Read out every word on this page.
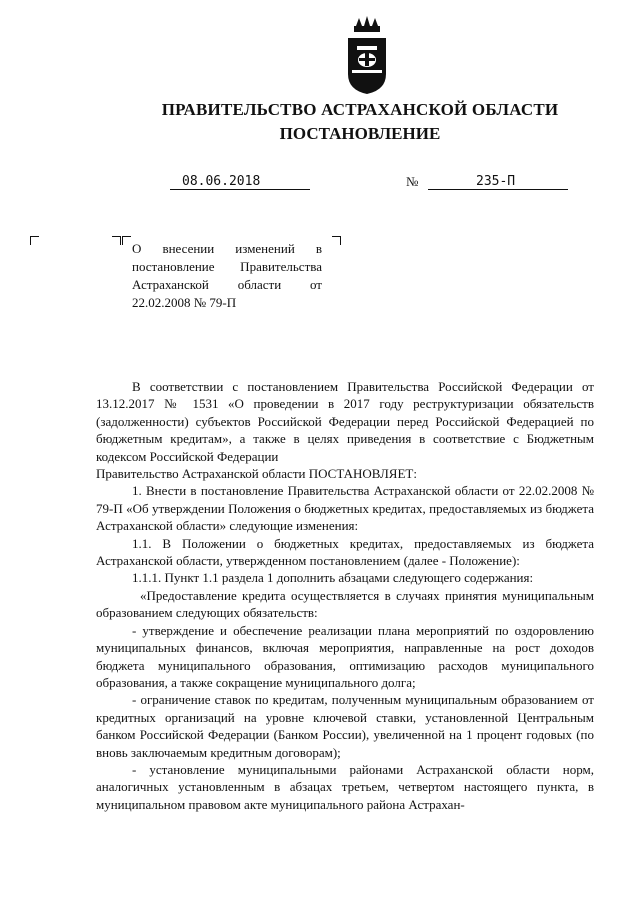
ПРАВИТЕЛЬСТВО АСТРАХАНСКОЙ ОБЛАСТИ
ПОСТАНОВЛЕНИЕ
08.06.2018	№	235-П
О внесении изменений в постановление Правительства Астраханской области от 22.02.2008 № 79-П

В соответствии с постановлением Правительства Российской Федерации от 13.12.2017 № 1531 «О проведении в 2017 году реструктуризации обязательств (задолженности) субъектов Российской Федерации перед Российской Федерацией по бюджетным кредитам», а также в целях приведения в соответствие с Бюджетным кодексом Российской Федерации

Правительство Астраханской области ПОСТАНОВЛЯЕТ:

1. Внести в постановление Правительства Астраханской области от 22.02.2008 № 79-П «Об утверждении Положения о бюджетных кредитах, предоставляемых из бюджета Астраханской области» следующие изменения:

1.1. В Положении о бюджетных кредитах, предоставляемых из бюджета Астраханской области, утвержденном постановлением (далее - Положение):

1.1.1. Пункт 1.1 раздела 1 дополнить абзацами следующего содержания:

«Предоставление кредита осуществляется в случаях принятия муниципальным образованием следующих обязательств:

- утверждение и обеспечение реализации плана мероприятий по оздоровлению муниципальных финансов, включая мероприятия, направленные на рост доходов бюджета муниципального образования, оптимизацию расходов муниципального образования, а также сокращение муниципального долга;

- ограничение ставок по кредитам, полученным муниципальным образованием от кредитных организаций на уровне ключевой ставки, установленной Центральным банком Российской Федерации (Банком России), увеличенной на 1 процент годовых (по вновь заключаемым кредитным договорам);

- установление муниципальными районами Астраханской области норм, аналогичных установленным в абзацах третьем, четвертом настоящего пункта, в муниципальном правовом акте муниципального района Астрахан-
